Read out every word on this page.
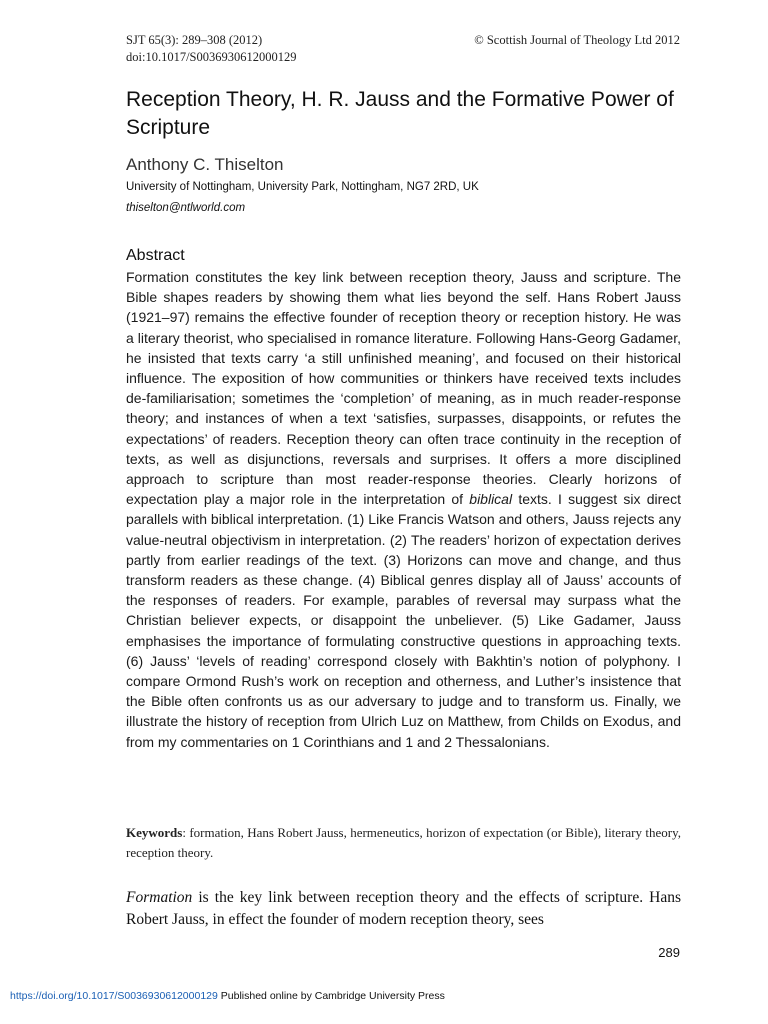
SJT 65(3): 289–308 (2012)
doi:10.1017/S0036930612000129
© Scottish Journal of Theology Ltd 2012
Reception Theory, H. R. Jauss and the Formative Power of Scripture
Anthony C. Thiselton
University of Nottingham, University Park, Nottingham, NG7 2RD, UK
thiselton@ntlworld.com
Abstract

Formation constitutes the key link between reception theory, Jauss and scripture. The Bible shapes readers by showing them what lies beyond the self. Hans Robert Jauss (1921–97) remains the effective founder of reception theory or reception history. He was a literary theorist, who specialised in romance literature. Following Hans-Georg Gadamer, he insisted that texts carry ‘a still unfinished meaning’, and focused on their historical influence. The exposition of how communities or thinkers have received texts includes de-familiarisation; sometimes the ‘completion’ of meaning, as in much reader-response theory; and instances of when a text ‘satisfies, surpasses, disappoints, or refutes the expectations’ of readers. Reception theory can often trace continuity in the reception of texts, as well as disjunctions, reversals and surprises. It offers a more disciplined approach to scripture than most reader-response theories. Clearly horizons of expectation play a major role in the interpretation of biblical texts. I suggest six direct parallels with biblical interpretation. (1) Like Francis Watson and others, Jauss rejects any value-neutral objectivism in interpretation. (2) The readers’ horizon of expectation derives partly from earlier readings of the text. (3) Horizons can move and change, and thus transform readers as these change. (4) Biblical genres display all of Jauss’ accounts of the responses of readers. For example, parables of reversal may surpass what the Christian believer expects, or disappoint the unbeliever. (5) Like Gadamer, Jauss emphasises the importance of formulating constructive questions in approaching texts. (6) Jauss’ ‘levels of reading’ correspond closely with Bakhtin’s notion of polyphony. I compare Ormond Rush’s work on reception and otherness, and Luther’s insistence that the Bible often confronts us as our adversary to judge and to transform us. Finally, we illustrate the history of reception from Ulrich Luz on Matthew, from Childs on Exodus, and from my commentaries on 1 Corinthians and 1 and 2 Thessalonians.

Keywords: formation, Hans Robert Jauss, hermeneutics, horizon of expectation (or Bible), literary theory, reception theory.

Formation is the key link between reception theory and the effects of scripture. Hans Robert Jauss, in effect the founder of modern reception theory, sees

289
https://doi.org/10.1017/S0036930612000129 Published online by Cambridge University Press
